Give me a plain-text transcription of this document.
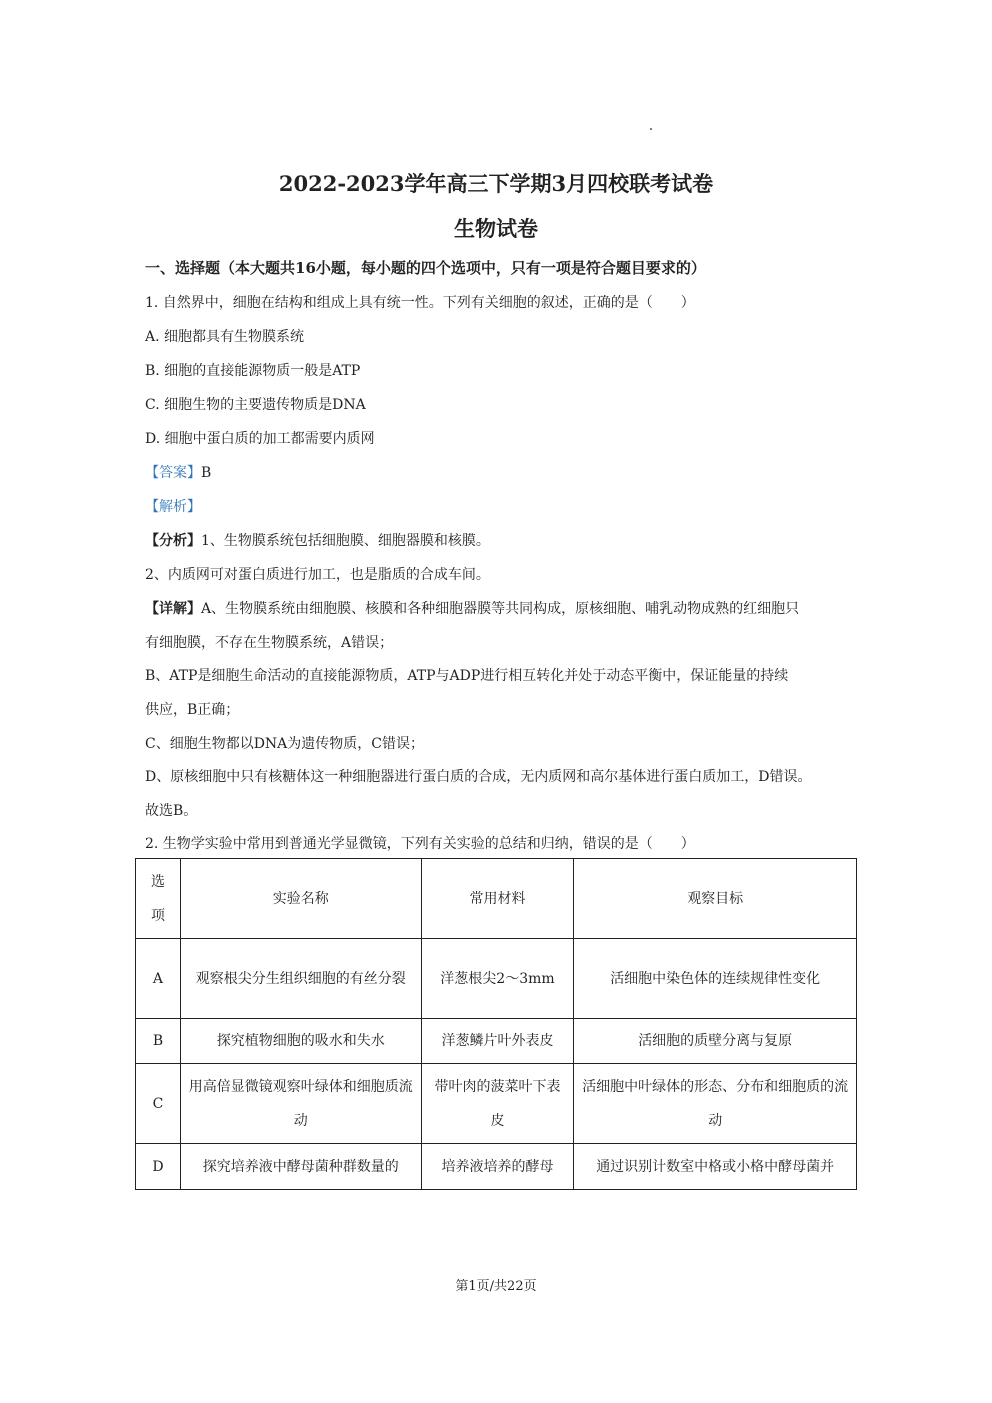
2022-2023学年高三下学期3月四校联考试卷
生物试卷
一、选择题（本大题共16小题，每小题的四个选项中，只有一项是符合题目要求的）
1. 自然界中，细胞在结构和组成上具有统一性。下列有关细胞的叙述，正确的是（　　）
A. 细胞都具有生物膜系统
B. 细胞的直接能源物质一般是ATP
C. 细胞生物的主要遗传物质是DNA
D. 细胞中蛋白质的加工都需要内质网
【答案】B
【解析】
【分析】1、生物膜系统包括细胞膜、细胞器膜和核膜。
2、内质网可对蛋白质进行加工，也是脂质的合成车间。
【详解】A、生物膜系统由细胞膜、核膜和各种细胞器膜等共同构成，原核细胞、哺乳动物成熟的红细胞只
有细胞膜，不存在生物膜系统，A错误；
B、ATP是细胞生命活动的直接能源物质，ATP与ADP进行相互转化并处于动态平衡中，保证能量的持续
供应，B正确；
C、细胞生物都以DNA为遗传物质，C错误；
D、原核细胞中只有核糖体这一种细胞器进行蛋白质的合成，无内质网和高尔基体进行蛋白质加工，D错误。
故选B。
2. 生物学实验中常用到普通光学显微镜，下列有关实验的总结和归纳，错误的是（　　）
选
项	实验名称	常用材料	观察目标
A	观察根尖分生组织细胞的有丝分裂	洋葱根尖2～3mm	活细胞中染色体的连续规律性变化
B	探究植物细胞的吸水和失水	洋葱鳞片叶外表皮	活细胞的质壁分离与复原
C	用高倍显微镜观察叶绿体和细胞质流动	带叶肉的菠菜叶下表皮	活细胞中叶绿体的形态、分布和细胞质的流动
D	探究培养液中酵母菌种群数量的	培养液培养的酵母	通过识别计数室中格或小格中酵母菌并
第1页/共22页
